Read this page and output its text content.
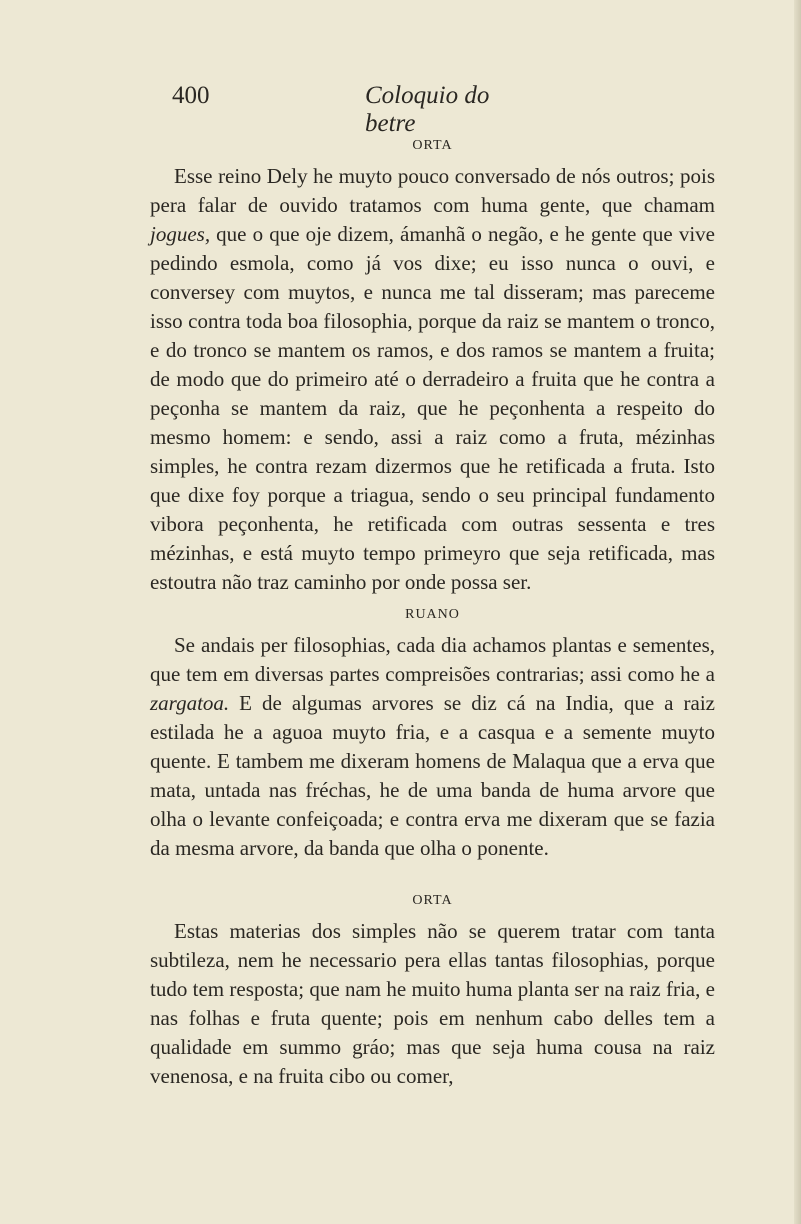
400	Coloquio do betre

ORTA

Esse reino Dely he muyto pouco conversado de nós outros; pois pera falar de ouvido tratamos com huma gente, que chamam jogues, que o que oje dizem, ámanhã o negão, e he gente que vive pedindo esmola, como já vos dixe; eu isso nunca o ouvi, e conversey com muytos, e nunca me tal disseram; mas pareceme isso contra toda boa filosophia, porque da raiz se mantem o tronco, e do tronco se mantem os ramos, e dos ramos se mantem a fruita; de modo que do primeiro até o derradeiro a fruita que he contra a peçonha se mantem da raiz, que he peçonhenta a respeito do mesmo homem: e sendo, assi a raiz como a fruta, mézinhas simples, he contra rezam dizermos que he retificada a fruta. Isto que dixe foy porque a triagua, sendo o seu principal fundamento vibora peçonhenta, he retificada com outras sessenta e tres mézinhas, e está muyto tempo primeyro que seja retificada, mas estoutra não traz caminho por onde possa ser.

RUANO

Se andais per filosophias, cada dia achamos plantas e sementes, que tem em diversas partes compreisões contrarias; assi como he a zargatoa. E de algumas arvores se diz cá na India, que a raiz estilada he a aguoa muyto fria, e a casqua e a semente muyto quente. E tambem me dixeram homens de Malaqua que a erva que mata, untada nas fréchas, he de uma banda de huma arvore que olha o levante confeiçoada; e contra erva me dixeram que se fazia da mesma arvore, da banda que olha o ponente.

ORTA

Estas materias dos simples não se querem tratar com tanta subtileza, nem he necessario pera ellas tantas filosophias, porque tudo tem resposta; que nam he muito huma planta ser na raiz fria, e nas folhas e fruta quente; pois em nenhum cabo delles tem a qualidade em summo gráo; mas que seja huma cousa na raiz venenosa, e na fruita cibo ou comer,
